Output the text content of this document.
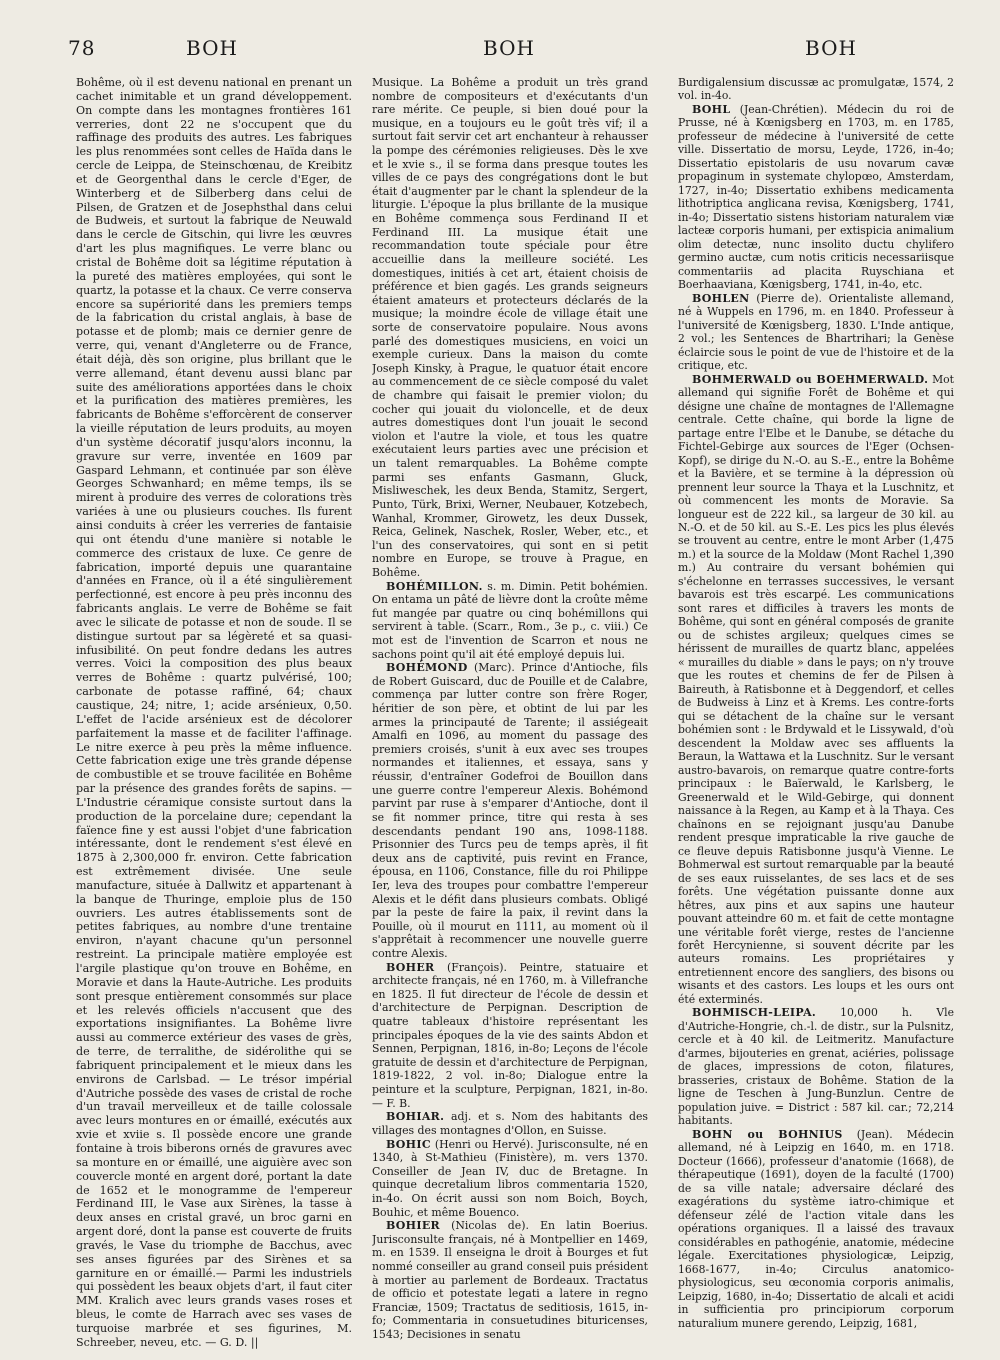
78	BOH	BOH	BOH

Bohême, où il est devenu national en prenant un cachet inimitable et un grand développement. On compte dans les montagnes frontières 161 verreries, dont 22 ne s'occupent que du raffinage des produits des autres. Les fabriques les plus renommées sont celles de Haïda dans le cercle de Leippa, de Steinschœnau, de Kreibitz et de Georgenthal dans le cercle d'Eger, de Winterberg et de Silberberg dans celui de Pilsen, de Gratzen et de Josephsthal dans celui de Budweis, et surtout la fabrique de Neuwald dans le cercle de Gitschin, qui livre les œuvres d'art les plus magnifiques. Le verre blanc ou cristal de Bohême doit sa légitime réputation à la pureté des matières employées, qui sont le quartz, la potasse et la chaux. Ce verre conserva encore sa supériorité dans les premiers temps de la fabrication du cristal anglais, à base de potasse et de plomb; mais ce dernier genre de verre, qui, venant d'Angleterre ou de France, était déjà, dès son origine, plus brillant que le verre allemand, étant devenu aussi blanc par suite des améliorations apportées dans le choix et la purification des matières premières, les fabricants de Bohême s'efforcèrent de conserver la vieille réputation de leurs produits, au moyen d'un système décoratif jusqu'alors inconnu, la gravure sur verre, inventée en 1609 par Gaspard Lehmann, et continuée par son élève Georges Schwanhard; en même temps, ils se mirent à produire des verres de colorations très variées à une ou plusieurs couches. Ils furent ainsi conduits à créer les verreries de fantaisie qui ont étendu d'une manière si notable le commerce des cristaux de luxe. Ce genre de fabrication, importé depuis une quarantaine d'années en France, où il a été singulièrement perfectionné, est encore à peu près inconnu des fabricants anglais. Le verre de Bohême se fait avec le silicate de potasse et non de soude. Il se distingue surtout par sa légèreté et sa quasi-infusibilité. On peut fondre dedans les autres verres. Voici la composition des plus beaux verres de Bohême : quartz pulvérisé, 100; carbonate de potasse raffiné, 64; chaux caustique, 24; nitre, 1; acide arsénieux, 0,50. L'effet de l'acide arsénieux est de décolorer parfaitement la masse et de faciliter l'affinage. Le nitre exerce à peu près la même influence. Cette fabrication exige une très grande dépense de combustible et se trouve facilitée en Bohême par la présence des grandes forêts de sapins. —L'Industrie céramique consiste surtout dans la production de la porcelaine dure; cependant la faïence fine y est aussi l'objet d'une fabrication intéressante, dont le rendement s'est élevé en 1875 à 2,300,000 fr. environ. Cette fabrication est extrêmement divisée. Une seule manufacture, située à Dallwitz et appartenant à la banque de Thuringe, emploie plus de 150 ouvriers. Les autres établissements sont de petites fabriques, au nombre d'une trentaine environ, n'ayant chacune qu'un personnel restreint. La principale matière employée est l'argile plastique qu'on trouve en Bohême, en Moravie et dans la Haute-Autriche. Les produits sont presque entièrement consommés sur place et les relevés officiels n'accusent que des exportations insignifiantes. La Bohême livre aussi au commerce extérieur des vases de grès, de terre, de terralithe, de sidérolithe qui se fabriquent principalement et le mieux dans les environs de Carlsbad. — Le trésor impérial d'Autriche possède des vases de cristal de roche d'un travail merveilleux et de taille colossale avec leurs montures en or émaillé, exécutés aux xvie et xviie s. Il possède encore une grande fontaine à trois biberons ornés de gravures avec sa monture en or émaillé, une aiguière avec son couvercle monté en argent doré, portant la date de 1652 et le monogramme de l'empereur Ferdinand III, le Vase aux Sirènes, la tasse à deux anses en cristal gravé, un broc garni en argent doré, dont la panse est couverte de fruits gravés, le Vase du triomphe de Bacchus, avec ses anses figurées par des Sirènes et sa garniture en or émaillé.— Parmi les industriels qui possèdent les beaux objets d'art, il faut citer MM. Kralich avec leurs grands vases roses et bleus, le comte de Harrach avec ses vases de turquoise marbrée et ses figurines, M. Schreeber, neveu, etc. — G. D. ||

Musique. La Bohême a produit un très grand nombre de compositeurs et d'exécutants d'un rare mérite. Ce peuple, si bien doué pour la musique, en a toujours eu le goût très vif; il a surtout fait servir cet art enchanteur à rehausser la pompe des cérémonies religieuses. Dès le xve et le xvie s., il se forma dans presque toutes les villes de ce pays des congrégations dont le but était d'augmenter par le chant la splendeur de la liturgie. L'époque la plus brillante de la musique en Bohême commença sous Ferdinand II et Ferdinand III. La musique était une recommandation toute spéciale pour être accueillie dans la meilleure société. Les domestiques, initiés à cet art, étaient choisis de préférence et bien gagés. Les grands seigneurs étaient amateurs et protecteurs déclarés de la musique; la moindre école de village était une sorte de conservatoire populaire. Nous avons parlé des domestiques musiciens, en voici un exemple curieux. Dans la maison du comte Joseph Kinsky, à Prague, le quatuor était encore au commencement de ce siècle composé du valet de chambre qui faisait le premier violon; du cocher qui jouait du violoncelle, et de deux autres domestiques dont l'un jouait le second violon et l'autre la viole, et tous les quatre exécutaient leurs parties avec une précision et un talent remarquables. La Bohême compte parmi ses enfants Gasmann, Gluck, Misliweschek, les deux Benda, Stamitz, Sergert, Punto, Türk, Brixi, Werner, Neubauer, Kotzebech, Wanhal, Krommer, Girowetz, les deux Dussek, Reica, Gelinek, Naschek, Rosler, Weber, etc., et l'un des conservatoires, qui sont en si petit nombre en Europe, se trouve à Prague, en Bohême.

BOHÉMILLON. s. m. Dimin. Petit bohémien. On entama un pâté de lièvre dont la croûte même fut mangée par quatre ou cinq bohémillons qui servirent à table. (Scarr., Rom., 3e p., c. viii.) Ce mot est de l'invention de Scarron et nous ne sachons point qu'il ait été employé depuis lui.

BOHÉMOND (Marc). Prince d'Antioche, fils de Robert Guiscard, duc de Pouille et de Calabre, commença par lutter contre son frère Roger, héritier de son père, et obtint de lui par les armes la principauté de Tarente; il assiégeait Amalfi en 1096, au moment du passage des premiers croisés, s'unit à eux avec ses troupes normandes et italiennes, et essaya, sans y réussir, d'entraîner Godefroi de Bouillon dans une guerre contre l'empereur Alexis. Bohémond parvint par ruse à s'emparer d'Antioche, dont il se fit nommer prince, titre qui resta à ses descendants pendant 190 ans, 1098-1188. Prisonnier des Turcs peu de temps après, il fit deux ans de captivité, puis revint en France, épousa, en 1106, Constance, fille du roi Philippe Ier, leva des troupes pour combattre l'empereur Alexis et le défit dans plusieurs combats. Obligé par la peste de faire la paix, il revint dans la Pouille, où il mourut en 1111, au moment où il s'apprêtait à recommencer une nouvelle guerre contre Alexis.

BOHER (François). Peintre, statuaire et architecte français, né en 1760, m. à Villefranche en 1825. Il fut directeur de l'école de dessin et d'architecture de Perpignan. Description de quatre tableaux d'histoire représentant les principales époques de la vie des saints Abdon et Sennen, Perpignan, 1816, in-8o; Leçons de l'école gratuite de dessin et d'architecture de Perpignan, 1819-1822, 2 vol. in-8o; Dialogue entre la peinture et la sculpture, Perpignan, 1821, in-8o. — F. B.

BOHIAR. adj. et s. Nom des habitants des villages des montagnes d'Ollon, en Suisse.

BOHIC (Henri ou Hervé). Jurisconsulte, né en 1340, à St-Mathieu (Finistère), m. vers 1370. Conseiller de Jean IV, duc de Bretagne. In quinque decretalium libros commentaria 1520, in-4o. On écrit aussi son nom Boich, Boych, Bouhic, et même Bouenco.

BOHIER (Nicolas de). En latin Boerius. Jurisconsulte français, né à Montpellier en 1469, m. en 1539. Il enseigna le droit à Bourges et fut nommé conseiller au grand conseil puis président à mortier au parlement de Bordeaux. Tractatus de officio et potestate legati a latere in regno Franciæ, 1509; Tractatus de seditiosis, 1615, in-fo; Commentaria in consuetudines bituricenses, 1543; Decisiones in senatu

Burdigalensium discussæ ac promulgatæ, 1574, 2 vol. in-4o.

BOHL (Jean-Chrétien). Médecin du roi de Prusse, né à Kœnigsberg en 1703, m. en 1785, professeur de médecine à l'université de cette ville. Dissertatio de morsu, Leyde, 1726, in-4o; Dissertatio epistolaris de usu novarum cavæ propaginum in systemate chylopœo, Amsterdam, 1727, in-4o; Dissertatio exhibens medicamenta lithotriptica anglicana revisa, Kœnigsberg, 1741, in-4o; Dissertatio sistens historiam naturalem viæ lacteæ corporis humani, per extispicia animalium olim detectæ, nunc insolito ductu chylifero germino auctæ, cum notis criticis necessariisque commentariis ad placita Ruyschiana et Boerhaaviana, Kœnigsberg, 1741, in-4o, etc.

BOHLEN (Pierre de). Orientaliste allemand, né à Wuppels en 1796, m. en 1840. Professeur à l'université de Kœnigsberg, 1830. L'Inde antique, 2 vol.; les Sentences de Bhartrihari; la Genèse éclaircie sous le point de vue de l'histoire et de la critique, etc.

BOHMERWALD ou BOEHMERWALD. Mot allemand qui signifie Forêt de Bohême et qui désigne une chaîne de montagnes de l'Allemagne centrale. Cette chaîne, qui borde la ligne de partage entre l'Elbe et le Danube, se détache du Fichtel-Gebirge aux sources de l'Eger (Ochsen-Kopf), se dirige du N.-O. au S.-E., entre la Bohême et la Bavière, et se termine à la dépression où prennent leur source la Thaya et la Luschnitz, et où commencent les monts de Moravie. Sa longueur est de 222 kil., sa largeur de 30 kil. au N.-O. et de 50 kil. au S.-E. Les pics les plus élevés se trouvent au centre, entre le mont Arber (1,475 m.) et la source de la Moldaw (Mont Rachel 1,390 m.) Au contraire du versant bohémien qui s'échelonne en terrasses successives, le versant bavarois est très escarpé. Les communications sont rares et difficiles à travers les monts de Bohême, qui sont en général composés de granite ou de schistes argileux; quelques cimes se hérissent de murailles de quartz blanc, appelées « murailles du diable » dans le pays; on n'y trouve que les routes et chemins de fer de Pilsen à Baireuth, à Ratisbonne et à Deggendorf, et celles de Budweiss à Linz et à Krems. Les contre-forts qui se détachent de la chaîne sur le versant bohémien sont : le Brdywald et le Lissywald, d'où descendent la Moldaw avec ses affluents la Beraun, la Wattawa et la Luschnitz. Sur le versant austro-bavarois, on remarque quatre contre-forts principaux : le Baïerwald, le Karlsberg, le Greenerwald et le Wild-Gebirge, qui donnent naissance à la Regen, au Kamp et à la Thaya. Ces chaînons en se rejoignant jusqu'au Danube rendent presque impraticable la rive gauche de ce fleuve depuis Ratisbonne jusqu'à Vienne. Le Bohmerwal est surtout remarquable par la beauté de ses eaux ruisselantes, de ses lacs et de ses forêts. Une végétation puissante donne aux hêtres, aux pins et aux sapins une hauteur pouvant atteindre 60 m. et fait de cette montagne une véritable forêt vierge, restes de l'ancienne forêt Hercynienne, si souvent décrite par les auteurs romains. Les propriétaires y entretiennent encore des sangliers, des bisons ou wisants et des castors. Les loups et les ours ont été exterminés.

BOHMISCH-LEIPA. 10,000 h. Vle d'Autriche-Hongrie, ch.-l. de distr., sur la Pulsnitz, cercle et à 40 kil. de Leitmeritz. Manufacture d'armes, bijouteries en grenat, aciéries, polissage de glaces, impressions de coton, filatures, brasseries, cristaux de Bohême. Station de la ligne de Teschen à Jung-Bunzlun. Centre de population juive. = District : 587 kil. car.; 72,214 habitants.

BOHN ou BOHNIUS (Jean). Médecin allemand, né à Leipzig en 1640, m. en 1718. Docteur (1666), professeur d'anatomie (1668), de thérapeutique (1691), doyen de la faculté (1700) de sa ville natale; adversaire déclaré des exagérations du système iatro-chimique et défenseur zélé de l'action vitale dans les opérations organiques. Il a laissé des travaux considérables en pathogénie, anatomie, médecine légale. Exercitationes physiologicæ, Leipzig, 1668-1677, in-4o; Circulus anatomico-physiologicus, seu œconomia corporis animalis, Leipzig, 1680, in-4o; Dissertatio de alcali et acidi in sufficientia pro principiorum corporum naturalium munere gerendo, Leipzig, 1681,
